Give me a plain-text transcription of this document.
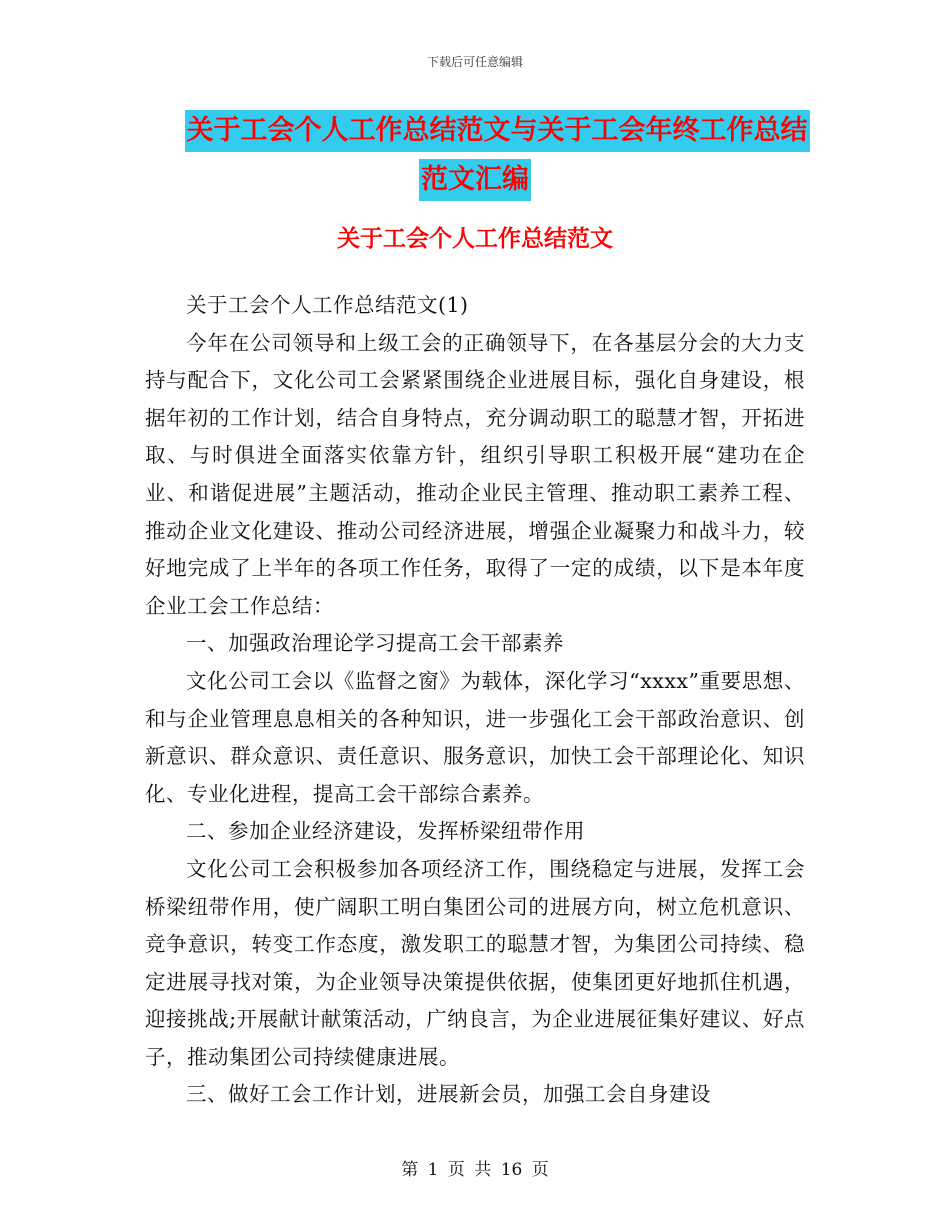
下载后可任意编辑
关于工会个人工作总结范文与关于工会年终工作总结
范文汇编
关于工会个人工作总结范文

关于工会个人工作总结范文(1)

今年在公司领导和上级工会的正确领导下，在各基层分会的大力支持与配合下，文化公司工会紧紧围绕企业进展目标，强化自身建设，根据年初的工作计划，结合自身特点，充分调动职工的聪慧才智，开拓进取、与时俱进全面落实依靠方针，组织引导职工积极开展“建功在企业、和谐促进展”主题活动，推动企业民主管理、推动职工素养工程、推动企业文化建设、推动公司经济进展，增强企业凝聚力和战斗力，较好地完成了上半年的各项工作任务，取得了一定的成绩，以下是本年度企业工会工作总结：

一、加强政治理论学习提高工会干部素养

文化公司工会以《监督之窗》为载体，深化学习“xxxx”重要思想、和与企业管理息息相关的各种知识，进一步强化工会干部政治意识、创新意识、群众意识、责任意识、服务意识，加快工会干部理论化、知识化、专业化进程，提高工会干部综合素养。

二、参加企业经济建设，发挥桥梁纽带作用

文化公司工会积极参加各项经济工作，围绕稳定与进展，发挥工会桥梁纽带作用，使广阔职工明白集团公司的进展方向，树立危机意识、竞争意识，转变工作态度，激发职工的聪慧才智，为集团公司持续、稳定进展寻找对策，为企业领导决策提供依据，使集团更好地抓住机遇，迎接挑战;开展献计献策活动，广纳良言，为企业进展征集好建议、好点子，推动集团公司持续健康进展。

三、做好工会工作计划，进展新会员，加强工会自身建设

第 1 页 共 16 页
